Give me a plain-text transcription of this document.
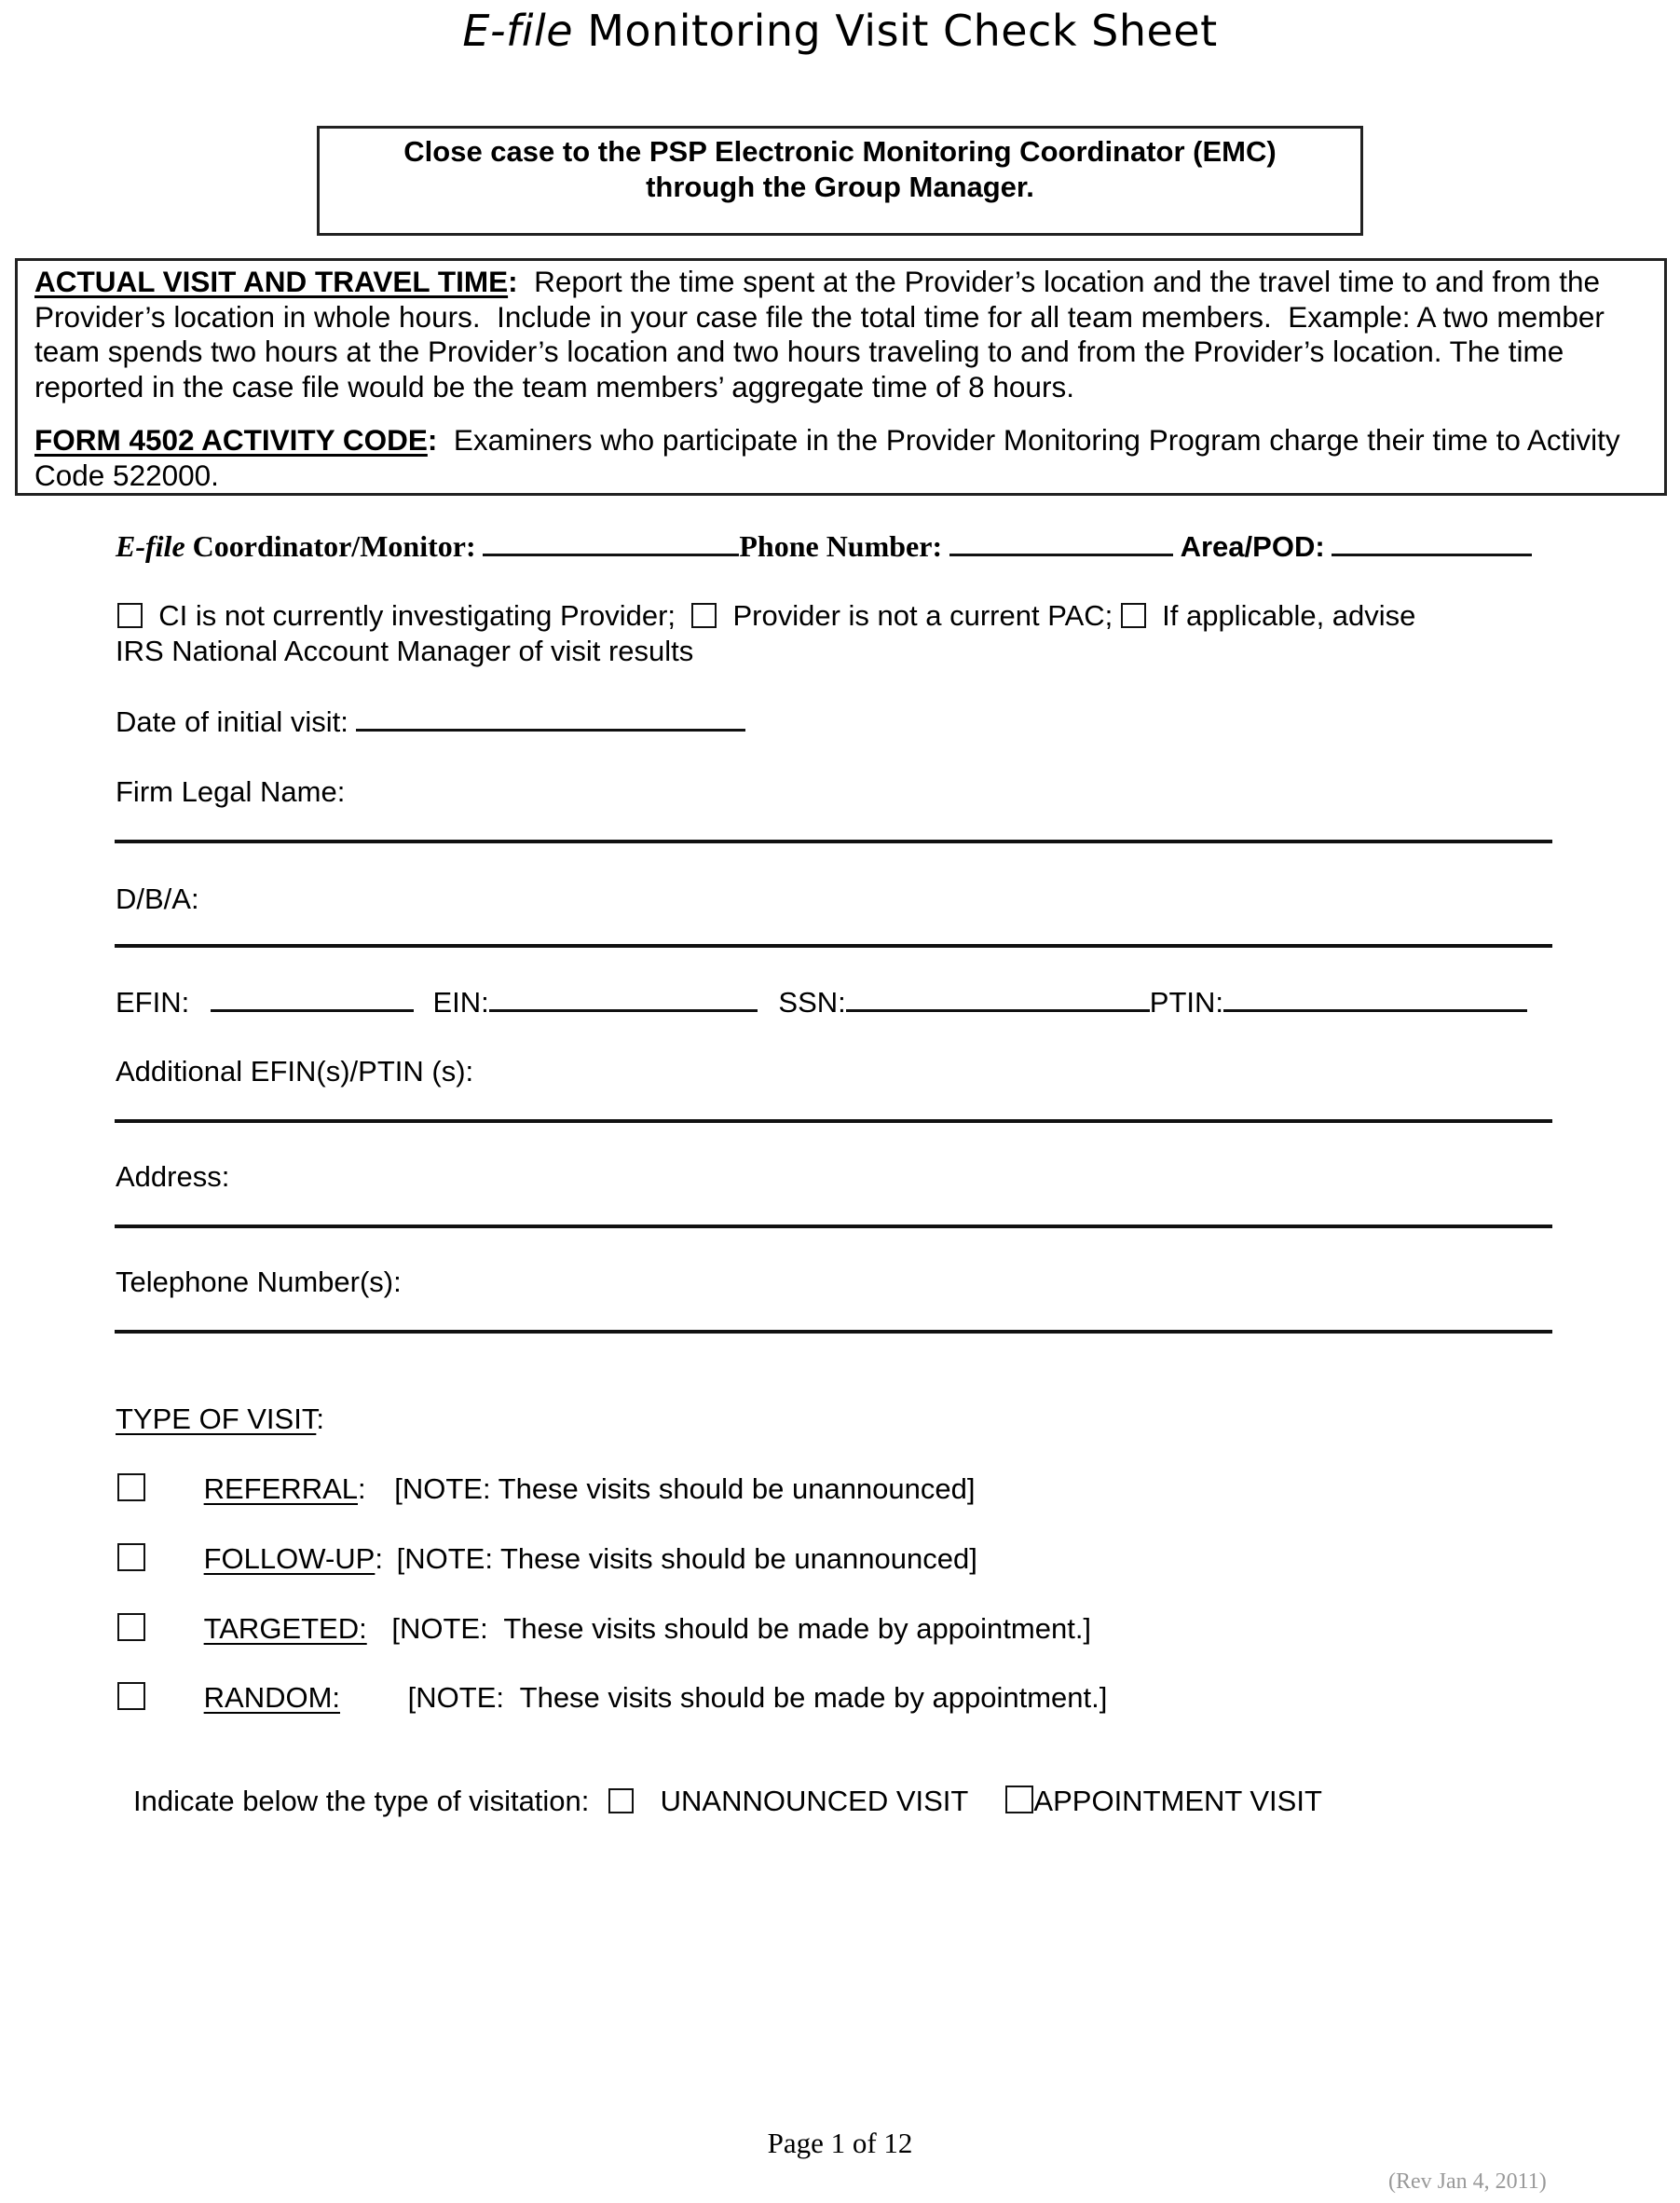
E-file Monitoring Visit Check Sheet
Close case to the PSP Electronic Monitoring Coordinator (EMC)
through the Group Manager.

ACTUAL VISIT AND TRAVEL TIME:  Report the time spent at the Provider’s location and the travel time to and from the Provider’s location in whole hours.  Include in your case file the total time for all team members.  Example: A two member team spends two hours at the Provider’s location and two hours traveling to and from the Provider’s location. The time reported in the case file would be the team members’ aggregate time of 8 hours.

FORM 4502 ACTIVITY CODE:  Examiners who participate in the Provider Monitoring Program charge their time to Activity Code 522000.

E-file Coordinator/Monitor:	Phone Number:	Area/POD:
CI is not currently investigating Provider; Provider is not a current PAC; If applicable, advise
IRS National Account Manager of visit results
Date of initial visit:
Firm Legal Name:
D/B/A:
EFIN:	EIN:	SSN:	PTIN:
Additional EFIN(s)/PTIN (s):
Address:
Telephone Number(s):
TYPE OF VISIT:
REFERRAL: [NOTE: These visits should be unannounced]
FOLLOW-UP: [NOTE: These visits should be unannounced]
TARGETED: [NOTE:  These visits should be made by appointment.]
RANDOM: [NOTE:  These visits should be made by appointment.]
Indicate below the type of visitation: UNANNOUNCED VISIT APPOINTMENT VISIT
Page 1 of 12
(Rev Jan 4, 2011)
